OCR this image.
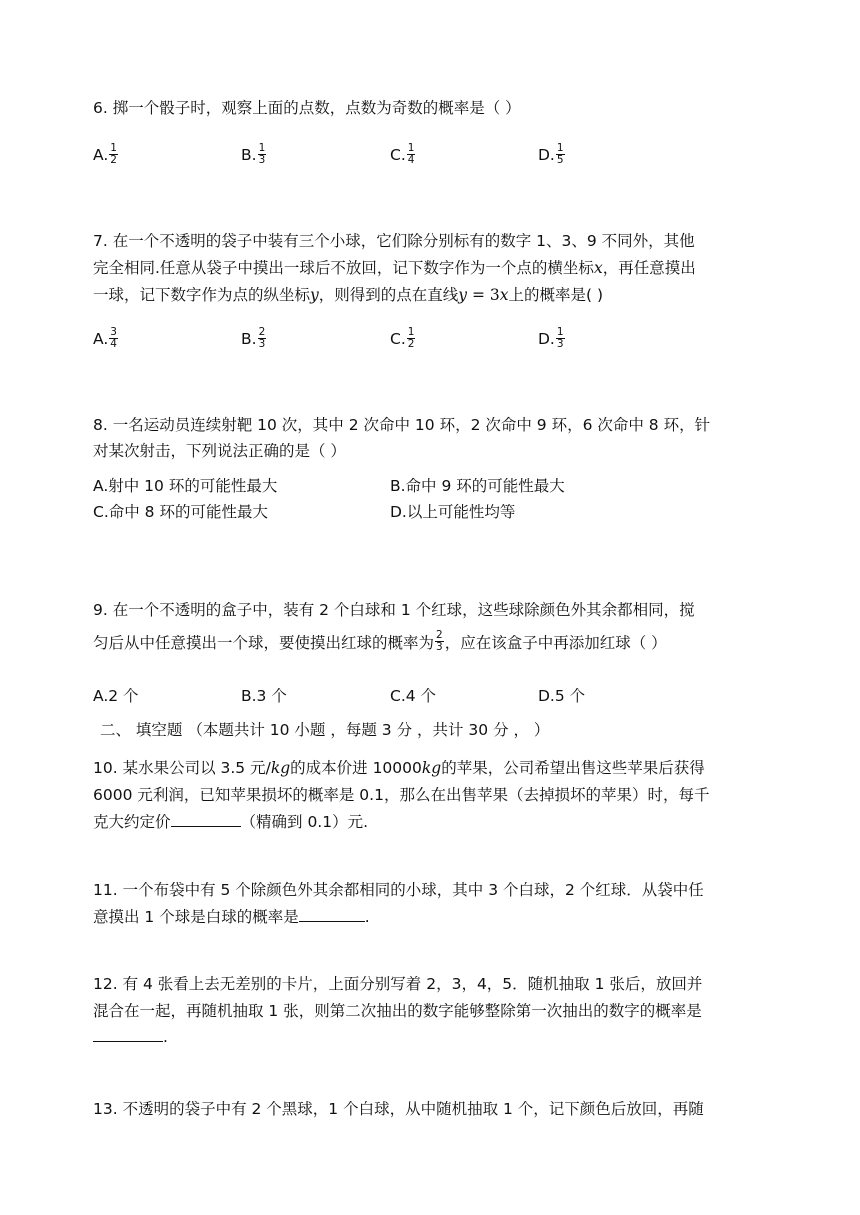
6. 掷一个骰子时，观察上面的点数，点数为奇数的概率是（ ）
A. $\frac{1}{2}$	B. $\frac{1}{3}$	C. $\frac{1}{4}$	D. $\frac{1}{5}$
7. 在一个不透明的袋子中装有三个小球，它们除分别标有的数字 1、3、9 不同外，其他
完全相同.任意从袋子中摸出一球后不放回，记下数字作为一个点的横坐标x，再任意摸出
一球，记下数字作为点的纵坐标y，则得到的点在直线y = 3x上的概率是( )
A. $\frac{3}{4}$	B. $\frac{2}{3}$	C. $\frac{1}{2}$	D. $\frac{1}{3}$
8. 一名运动员连续射靶 10 次，其中 2 次命中 10 环，2 次命中 9 环，6 次命中 8 环，针
对某次射击，下列说法正确的是（ ）
A.射中 10 环的可能性最大	B.命中 9 环的可能性最大
C.命中 8 环的可能性最大	D.以上可能性均等
9. 在一个不透明的盒子中，装有 2 个白球和 1 个红球，这些球除颜色外其余都相同，搅
匀后从中任意摸出一个球，要使摸出红球的概率为 $\frac{2}{3}$ ，应在该盒子中再添加红球（ ）
A.2 个	B.3 个	C.4 个	D.5 个
二、 填空题 （本题共计 10 小题 ，每题 3 分 ，共计 30 分 ， ）
10. 某水果公司以 3.5 元/kg的成本价进 10000kg的苹果，公司希望出售这些苹果后获得
6000 元利润，已知苹果损坏的概率是 0.1，那么在出售苹果（去掉损坏的苹果）时，每千
克大约定价	（精确到 0.1）元.
11. 一个布袋中有 5 个除颜色外其余都相同的小球，其中 3 个白球，2 个红球．从袋中任
意摸出 1 个球是白球的概率是	.
12. 有 4 张看上去无差别的卡片，上面分别写着 2，3，4，5．随机抽取 1 张后，放回并
混合在一起，再随机抽取 1 张，则第二次抽出的数字能够整除第一次抽出的数字的概率是
.
13. 不透明的袋子中有 2 个黑球，1 个白球，从中随机抽取 1 个，记下颜色后放回，再随
